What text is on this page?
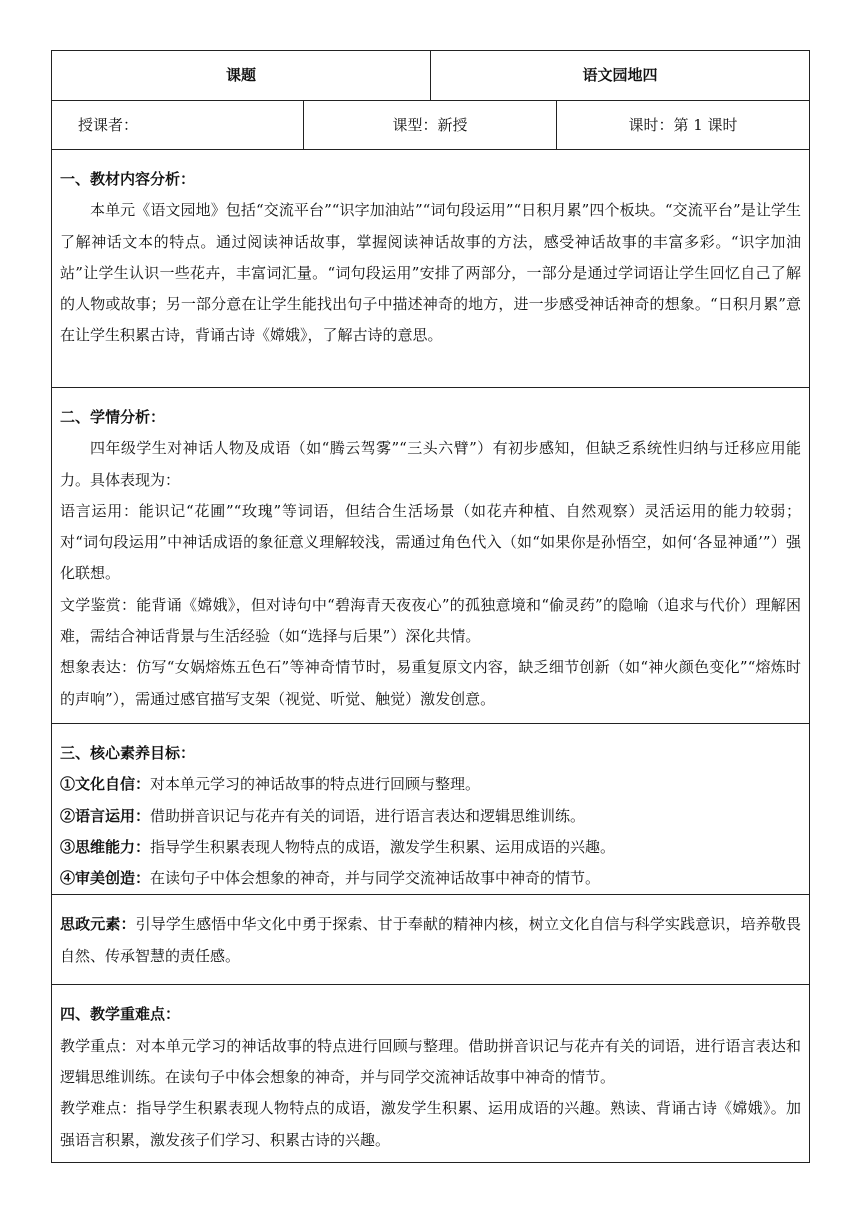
课题		语文园地四	
授课者：	课型：新授		课时：第 1 课时

一、教材内容分析：

本单元《语文园地》包括“交流平台”“识字加油站”“词句段运用”“日积月累”四个板块。“交流平台”是让学生了解神话文本的特点。通过阅读神话故事，掌握阅读神话故事的方法，感受神话故事的丰富多彩。“识字加油站”让学生认识一些花卉，丰富词汇量。“词句段运用”安排了两部分，一部分是通过学词语让学生回忆自己了解的人物或故事；另一部分意在让学生能找出句子中描述神奇的地方，进一步感受神话神奇的想象。“日积月累”意在让学生积累古诗，背诵古诗《嫦娥》，了解古诗的意思。			

二、学情分析：

四年级学生对神话人物及成语（如“腾云驾雾”“三头六臂”）有初步感知，但缺乏系统性归纳与迁移应用能力。具体表现为：

语言运用：能识记“花圃”“玫瑰”等词语，但结合生活场景（如花卉种植、自然观察）灵活运用的能力较弱；对“词句段运用”中神话成语的象征意义理解较浅，需通过角色代入（如“如果你是孙悟空，如何‘各显神通’”）强化联想。

文学鉴赏：能背诵《嫦娥》，但对诗句中“碧海青天夜夜心”的孤独意境和“偷灵药”的隐喻（追求与代价）理解困难，需结合神话背景与生活经验（如“选择与后果”）深化共情。

想象表达：仿写“女娲熔炼五色石”等神奇情节时，易重复原文内容，缺乏细节创新（如“神火颜色变化”“熔炼时的声响”），需通过感官描写支架（视觉、听觉、触觉）激发创意。			

三、核心素养目标：

①文化自信：对本单元学习的神话故事的特点进行回顾与整理。

②语言运用：借助拼音识记与花卉有关的词语，进行语言表达和逻辑思维训练。

③思维能力：指导学生积累表现人物特点的成语，激发学生积累、运用成语的兴趣。

④审美创造：在读句子中体会想象的神奇，并与同学交流神话故事中神奇的情节。			

思政元素：引导学生感悟中华文化中勇于探索、甘于奉献的精神内核，树立文化自信与科学实践意识，培养敬畏自然、传承智慧的责任感。			

四、教学重难点：

教学重点：对本单元学习的神话故事的特点进行回顾与整理。借助拼音识记与花卉有关的词语，进行语言表达和逻辑思维训练。在读句子中体会想象的神奇，并与同学交流神话故事中神奇的情节。

教学难点：指导学生积累表现人物特点的成语，激发学生积累、运用成语的兴趣。熟读、背诵古诗《嫦娥》。加强语言积累，激发孩子们学习、积累古诗的兴趣。			
